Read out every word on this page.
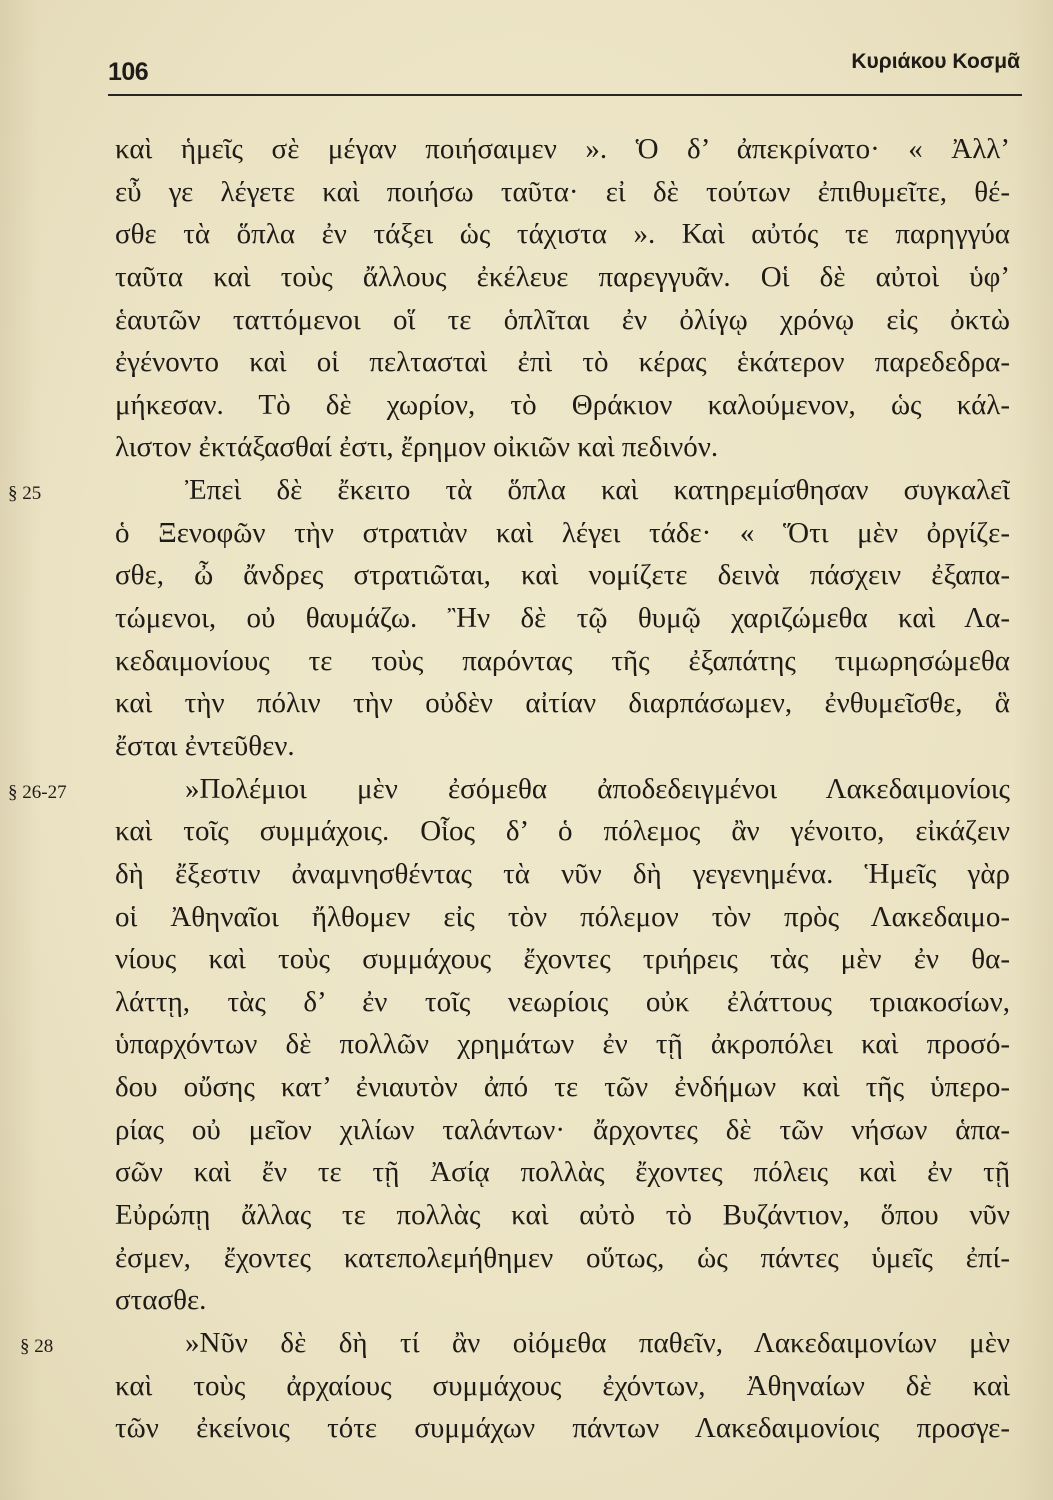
106	Κυριάκου Κοσμᾶ
καὶ ἡμεῖς σὲ μέγαν ποιήσαιμεν ». Ὁ δ’ ἀπεκρίνατο· « Ἀλλ’
εὖ γε λέγετε καὶ ποιήσω ταῦτα· εἰ δὲ τούτων ἐπιθυμεῖτε, θέ-
σθε τὰ ὅπλα ἐν τάξει ὡς τάχιστα ». Καὶ αὐτός τε παρηγγύα
ταῦτα καὶ τοὺς ἄλλους ἐκέλευε παρεγγυᾶν. Οἱ δὲ αὐτοὶ ὑφ’
ἑαυτῶν ταττόμενοι οἵ τε ὁπλῖται ἐν ὀλίγῳ χρόνῳ εἰς ὀκτὼ
ἐγένοντο καὶ οἱ πελτασταὶ ἐπὶ τὸ κέρας ἑκάτερον παρεδεδρα-
μήκεσαν. Τὸ δὲ χωρίον, τὸ Θράκιον καλούμενον, ὡς κάλ-
λιστον ἐκτάξασθαί ἐστι, ἔρημον οἰκιῶν καὶ πεδινόν.
§ 25	Ἐπεὶ δὲ ἔκειτο τὰ ὅπλα καὶ κατηρεμίσθησαν συγκαλεῖ
ὁ Ξενοφῶν τὴν στρατιὰν καὶ λέγει τάδε· « Ὅτι μὲν ὀργίζε-
σθε, ὦ ἄνδρες στρατιῶται, καὶ νομίζετε δεινὰ πάσχειν ἐξαπα-
τώμενοι, οὐ θαυμάζω. Ἢν δὲ τῷ θυμῷ χαριζώμεθα καὶ Λα-
κεδαιμονίους τε τοὺς παρόντας τῆς ἐξαπάτης τιμωρησώμεθα
καὶ τὴν πόλιν τὴν οὐδὲν αἰτίαν διαρπάσωμεν, ἐνθυμεῖσθε, ἃ
ἔσται ἐντεῦθεν.
§ 26-27	»Πολέμιοι μὲν ἐσόμεθα ἀποδεδειγμένοι Λακεδαιμονίοις
καὶ τοῖς συμμάχοις. Οἷος δ’ ὁ πόλεμος ἂν γένοιτο, εἰκάζειν
δὴ ἔξεστιν ἀναμνησθέντας τὰ νῦν δὴ γεγενημένα. Ἡμεῖς γὰρ
οἱ Ἀθηναῖοι ἤλθομεν εἰς τὸν πόλεμον τὸν πρὸς Λακεδαιμο-
νίους καὶ τοὺς συμμάχους ἔχοντες τριήρεις τὰς μὲν ἐν θα-
λάττῃ, τὰς δ’ ἐν τοῖς νεωρίοις οὐκ ἐλάττους τριακοσίων,
ὑπαρχόντων δὲ πολλῶν χρημάτων ἐν τῇ ἀκροπόλει καὶ προσό-
δου οὔσης κατ’ ἐνιαυτὸν ἀπό τε τῶν ἐνδήμων καὶ τῆς ὑπερο-
ρίας οὐ μεῖον χιλίων ταλάντων· ἄρχοντες δὲ τῶν νήσων ἁπα-
σῶν καὶ ἔν τε τῇ Ἀσίᾳ πολλὰς ἔχοντες πόλεις καὶ ἐν τῇ
Εὐρώπῃ ἄλλας τε πολλὰς καὶ αὐτὸ τὸ Βυζάντιον, ὅπου νῦν
ἐσμεν, ἔχοντες κατεπολεμήθημεν οὕτως, ὡς πάντες ὑμεῖς ἐπί-
στασθε.
§ 28	»Νῦν δὲ δὴ τί ἂν οἰόμεθα παθεῖν, Λακεδαιμονίων μὲν
καὶ τοὺς ἀρχαίους συμμάχους ἐχόντων, Ἀθηναίων δὲ καὶ
τῶν ἐκείνοις τότε συμμάχων πάντων Λακεδαιμονίοις προσγε-
